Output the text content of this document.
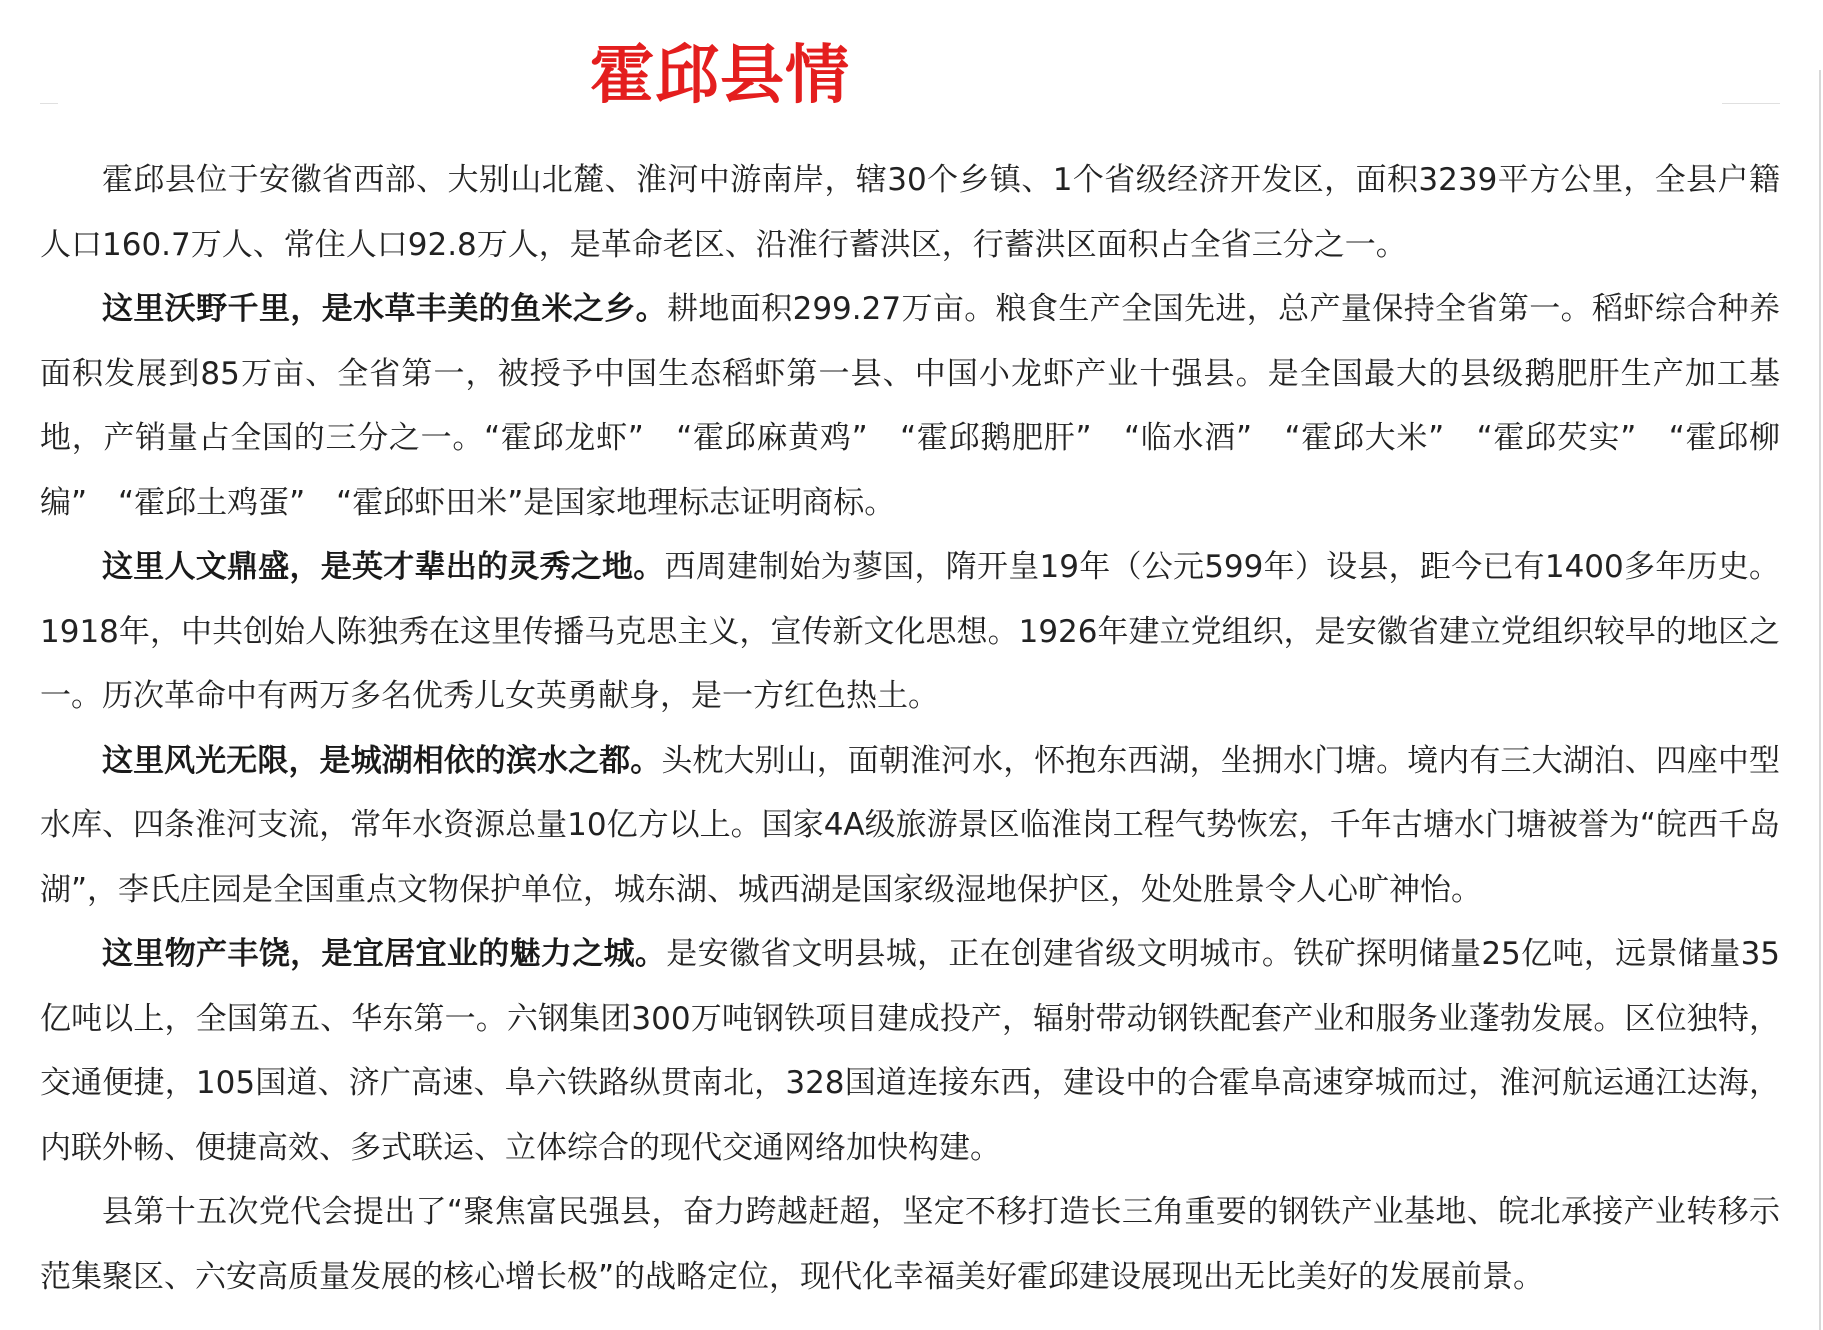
霍邱县情

霍邱县位于安徽省西部、大别山北麓、淮河中游南岸，辖30个乡镇、1个省级经济开发区，面积3239平方公里，全县户籍人口160.7万人、常住人口92.8万人，是革命老区、沿淮行蓄洪区，行蓄洪区面积占全省三分之一。

这里沃野千里，是水草丰美的鱼米之乡。耕地面积299.27万亩。粮食生产全国先进，总产量保持全省第一。稻虾综合种养面积发展到85万亩、全省第一，被授予中国生态稻虾第一县、中国小龙虾产业十强县。是全国最大的县级鹅肥肝生产加工基地，产销量占全国的三分之一。“霍邱龙虾”　“霍邱麻黄鸡”　“霍邱鹅肥肝”　“临水酒”　“霍邱大米”　“霍邱芡实”　“霍邱柳编”　“霍邱土鸡蛋”　“霍邱虾田米”是国家地理标志证明商标。

这里人文鼎盛，是英才辈出的灵秀之地。西周建制始为蓼国，隋开皇19年（公元599年）设县，距今已有1400多年历史。1918年，中共创始人陈独秀在这里传播马克思主义，宣传新文化思想。1926年建立党组织，是安徽省建立党组织较早的地区之一。历次革命中有两万多名优秀儿女英勇献身，是一方红色热土。

这里风光无限，是城湖相依的滨水之都。头枕大别山，面朝淮河水，怀抱东西湖，坐拥水门塘。境内有三大湖泊、四座中型水库、四条淮河支流，常年水资源总量10亿方以上。国家4A级旅游景区临淮岗工程气势恢宏，千年古塘水门塘被誉为“皖西千岛湖”，李氏庄园是全国重点文物保护单位，城东湖、城西湖是国家级湿地保护区，处处胜景令人心旷神怡。

这里物产丰饶，是宜居宜业的魅力之城。是安徽省文明县城，正在创建省级文明城市。铁矿探明储量25亿吨，远景储量35亿吨以上，全国第五、华东第一。六钢集团300万吨钢铁项目建成投产，辐射带动钢铁配套产业和服务业蓬勃发展。区位独特，交通便捷，105国道、济广高速、阜六铁路纵贯南北，328国道连接东西，建设中的合霍阜高速穿城而过，淮河航运通江达海，内联外畅、便捷高效、多式联运、立体综合的现代交通网络加快构建。

县第十五次党代会提出了“聚焦富民强县，奋力跨越赶超，坚定不移打造长三角重要的钢铁产业基地、皖北承接产业转移示范集聚区、六安高质量发展的核心增长极”的战略定位，现代化幸福美好霍邱建设展现出无比美好的发展前景。
